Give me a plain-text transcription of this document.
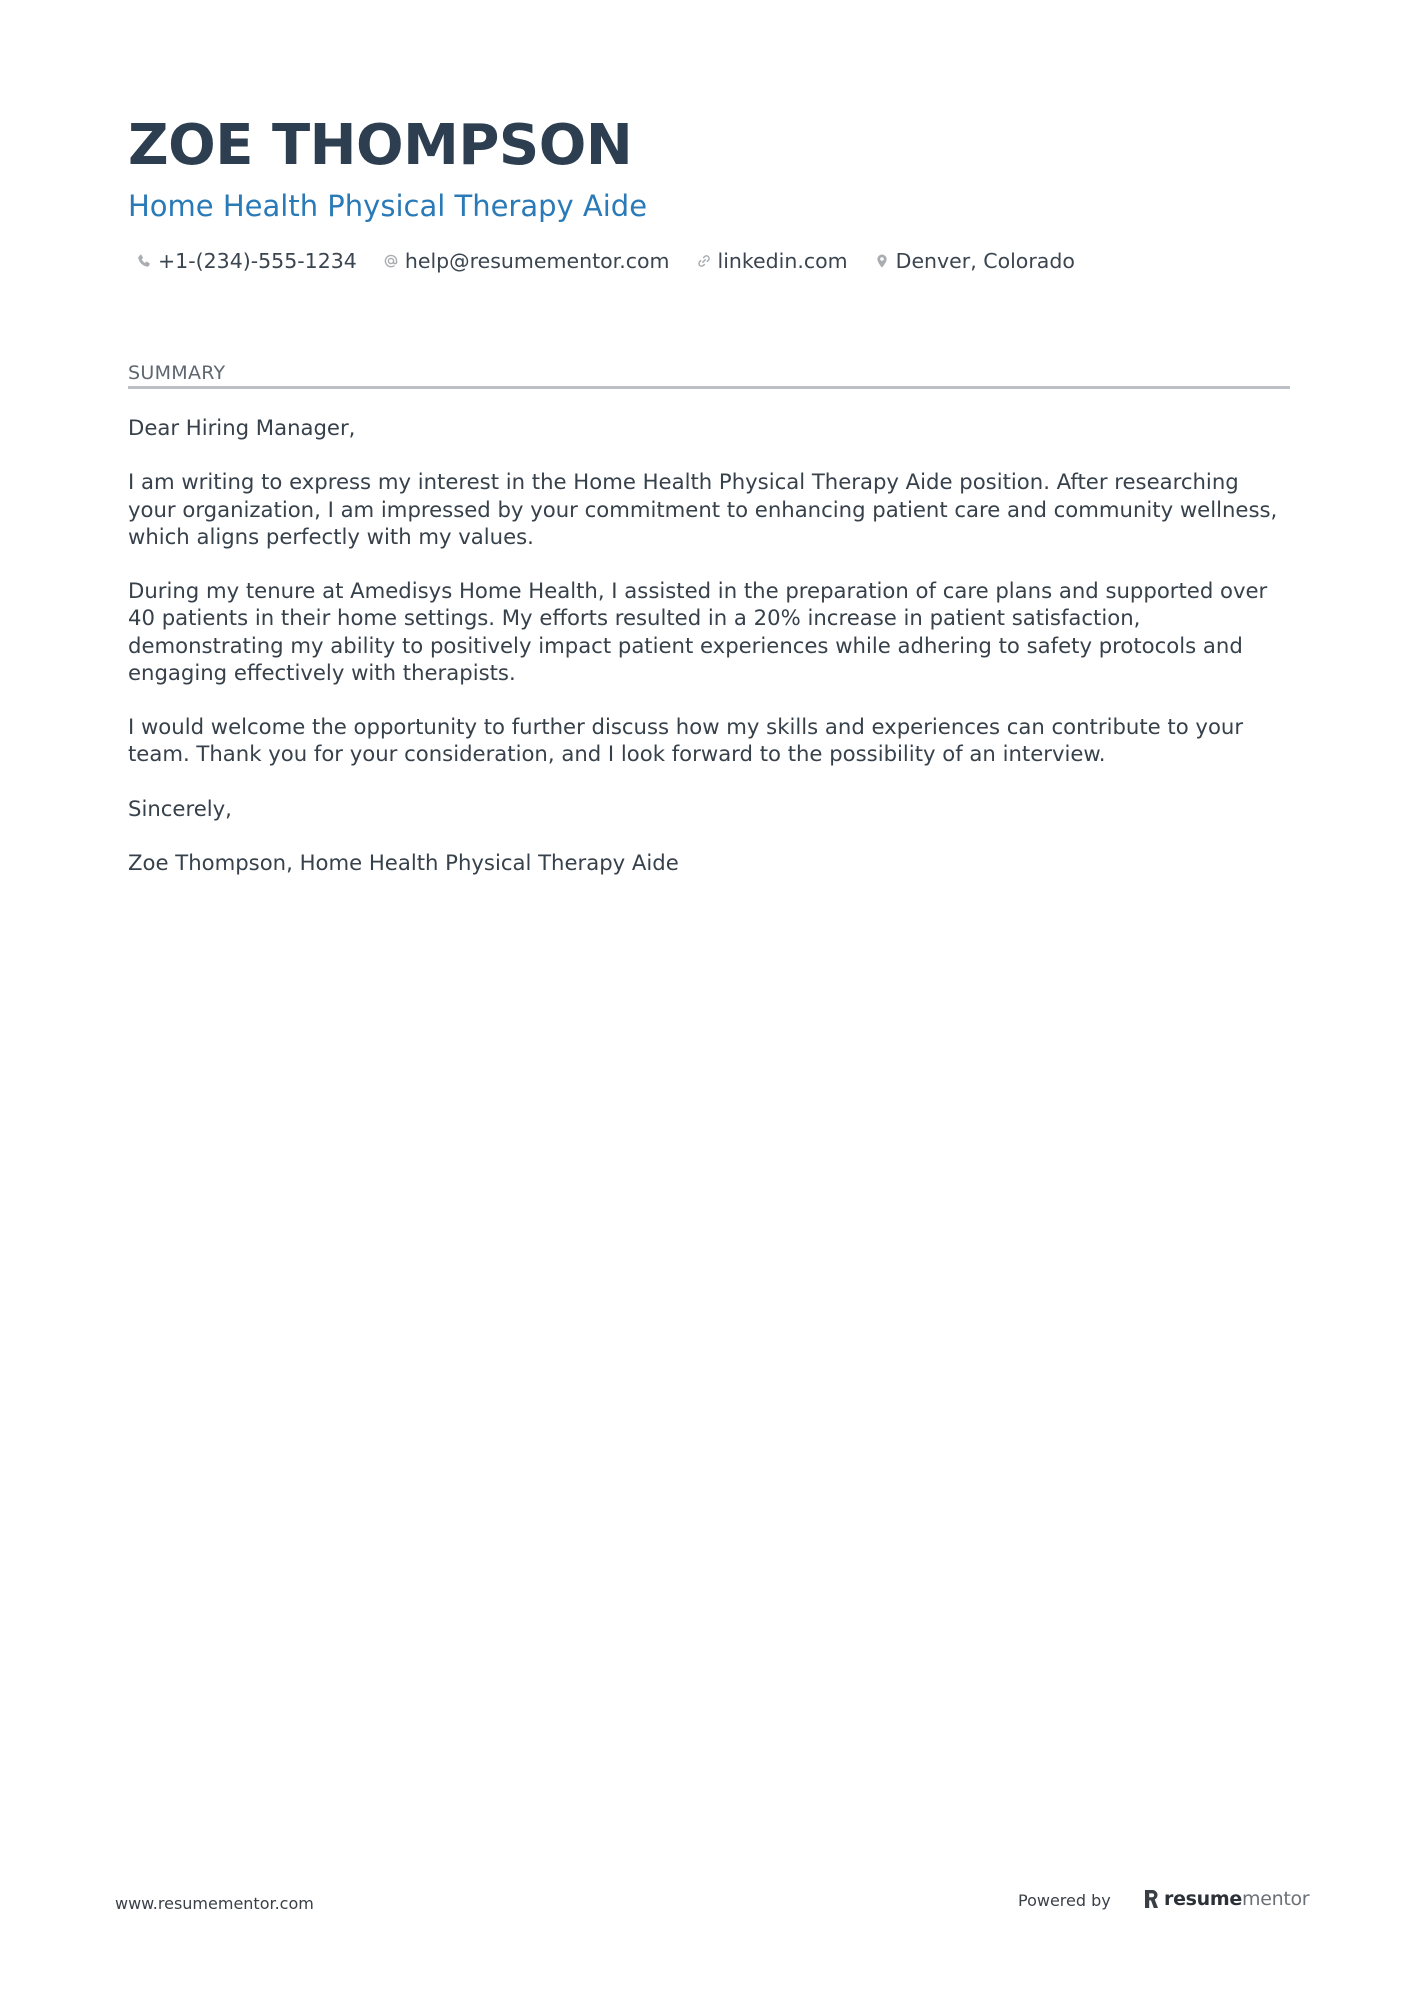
ZOE THOMPSON
Home Health Physical Therapy Aide
+1-(234)-555-1234 help@resumementor.com linkedin.com Denver, Colorado
SUMMARY

Dear Hiring Manager,

I am writing to express my interest in the Home Health Physical Therapy Aide position. After researching your organization, I am impressed by your commitment to enhancing patient care and community wellness, which aligns perfectly with my values.

During my tenure at Amedisys Home Health, I assisted in the preparation of care plans and supported over 40 patients in their home settings. My efforts resulted in a 20% increase in patient satisfaction, demonstrating my ability to positively impact patient experiences while adhering to safety protocols and engaging effectively with therapists.

I would welcome the opportunity to further discuss how my skills and experiences can contribute to your team. Thank you for your consideration, and I look forward to the possibility of an interview.

Sincerely,

Zoe Thompson, Home Health Physical Therapy Aide

www.resumementor.com	Powered by	resumementor
